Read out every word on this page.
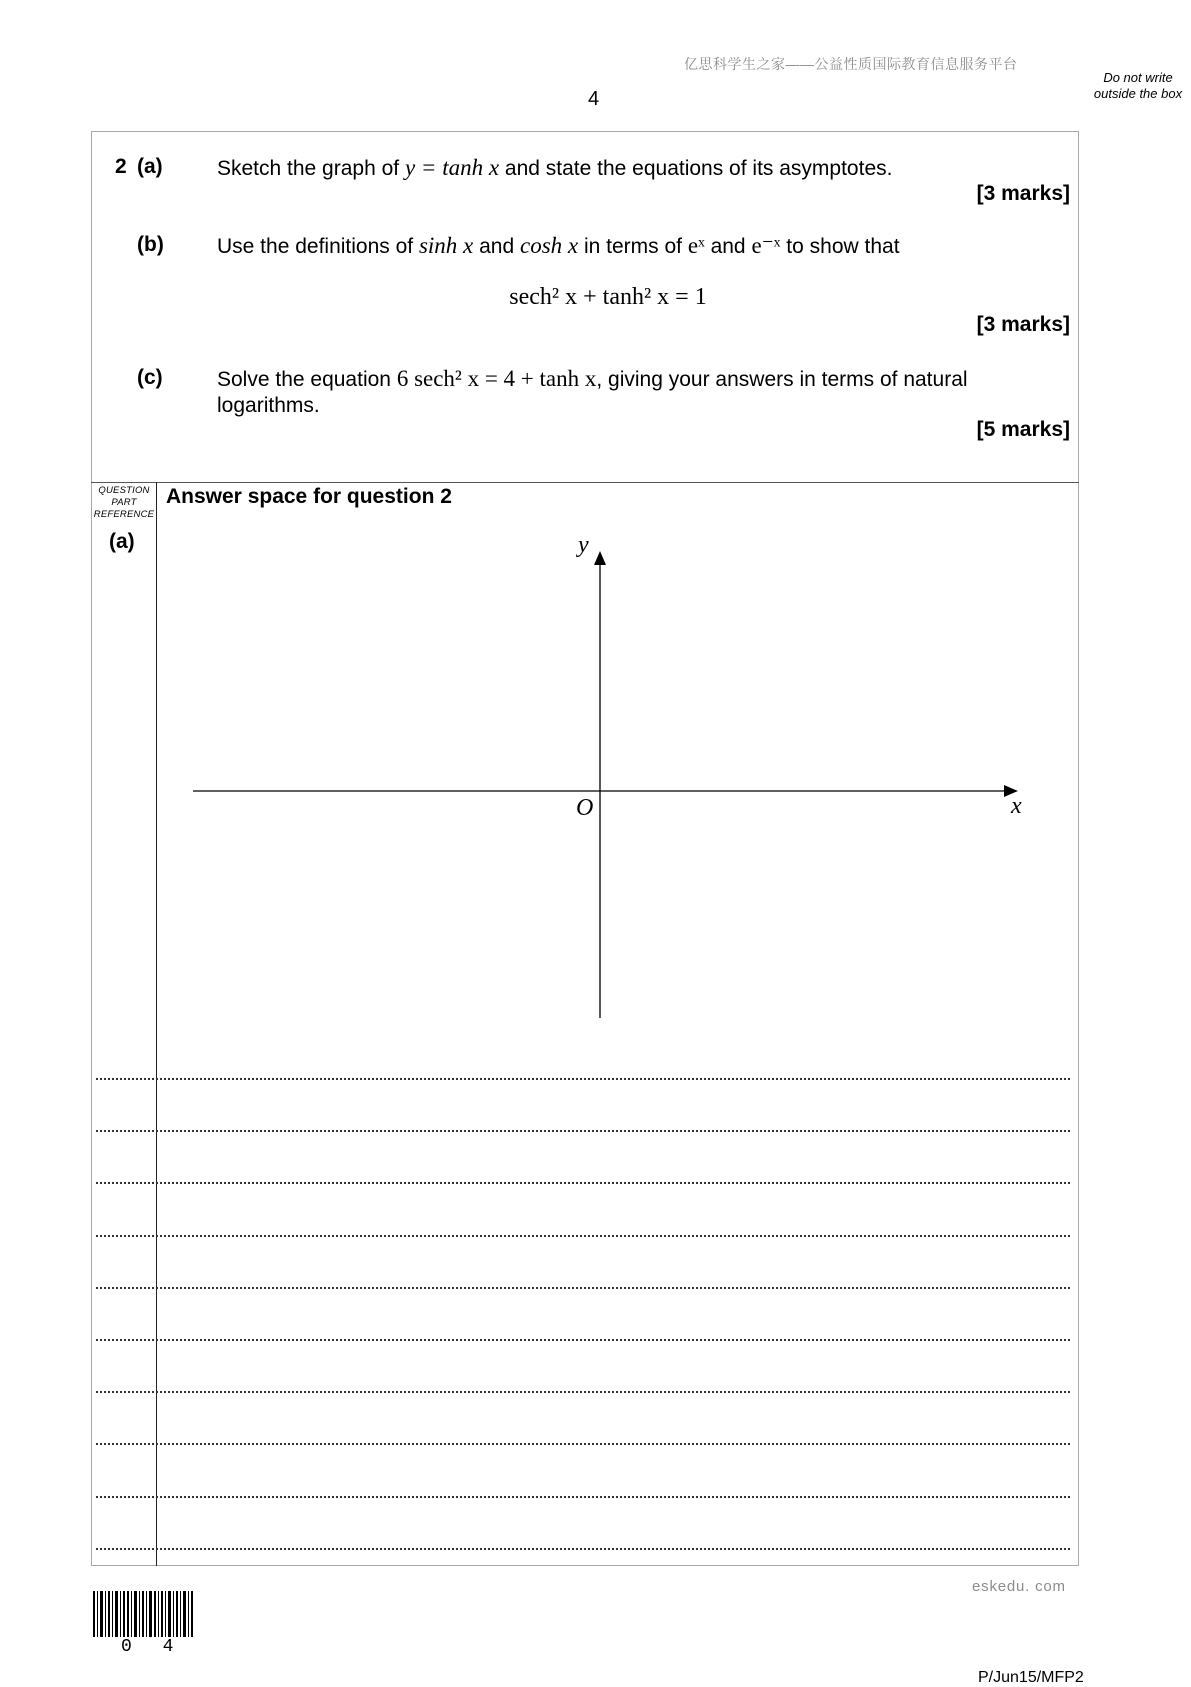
亿思科学生之家——公益性质国际教育信息服务平台
4
Do not write outside the box
2 (a)	Sketch the graph of y = tanh x and state the equations of its asymptotes.
[3 marks]
(b)	Use the definitions of sinh x and cosh x in terms of eˣ and e⁻ˣ to show that
sech² x + tanh² x = 1
[3 marks]
(c)	Solve the equation 6 sech² x = 4 + tanh x, giving your answers in terms of natural
logarithms.
[5 marks]
QUESTION PART REFERENCE
Answer space for question 2
(a)	y
x
O
eskedu. com
0 4
P/Jun15/MFP2
